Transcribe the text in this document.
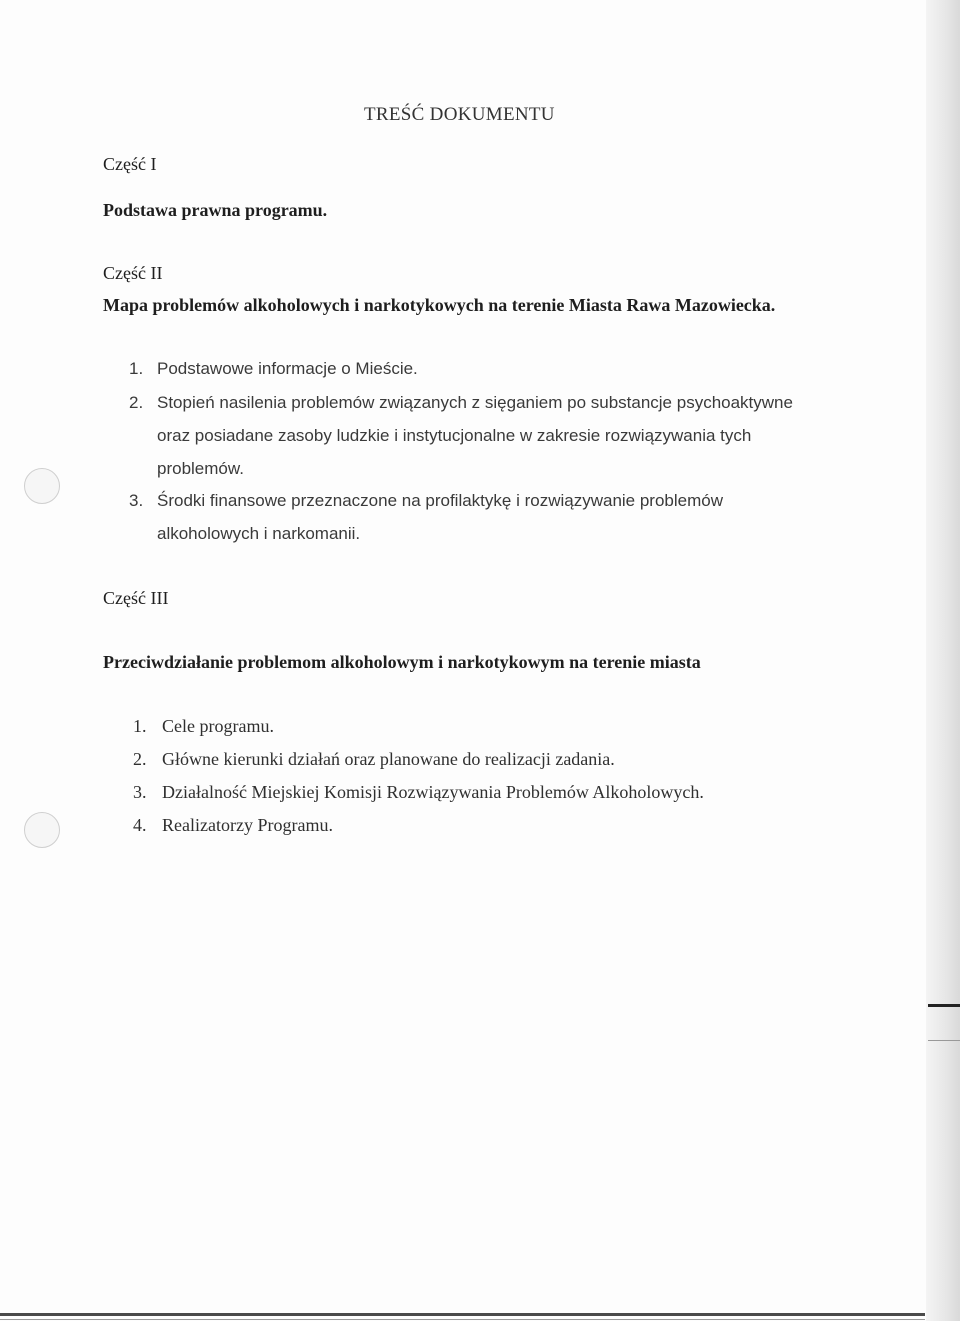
TREŚĆ DOKUMENTU
Część I
Podstawa prawna programu.
Część II
Mapa problemów alkoholowych i narkotykowych na terenie Miasta Rawa Mazowiecka.
1. Podstawowe informacje o Mieście.
2. Stopień nasilenia problemów związanych z sięganiem po substancje psychoaktywne
oraz posiadane zasoby ludzkie i instytucjonalne w zakresie rozwiązywania tych
problemów.
3. Środki finansowe przeznaczone na profilaktykę i rozwiązywanie problemów
alkoholowych i narkomanii.
Część III
Przeciwdziałanie problemom alkoholowym i narkotykowym na terenie miasta
1. Cele programu.
2. Główne kierunki działań oraz planowane do realizacji zadania.
3. Działalność Miejskiej Komisji Rozwiązywania Problemów Alkoholowych.
4. Realizatorzy Programu.
